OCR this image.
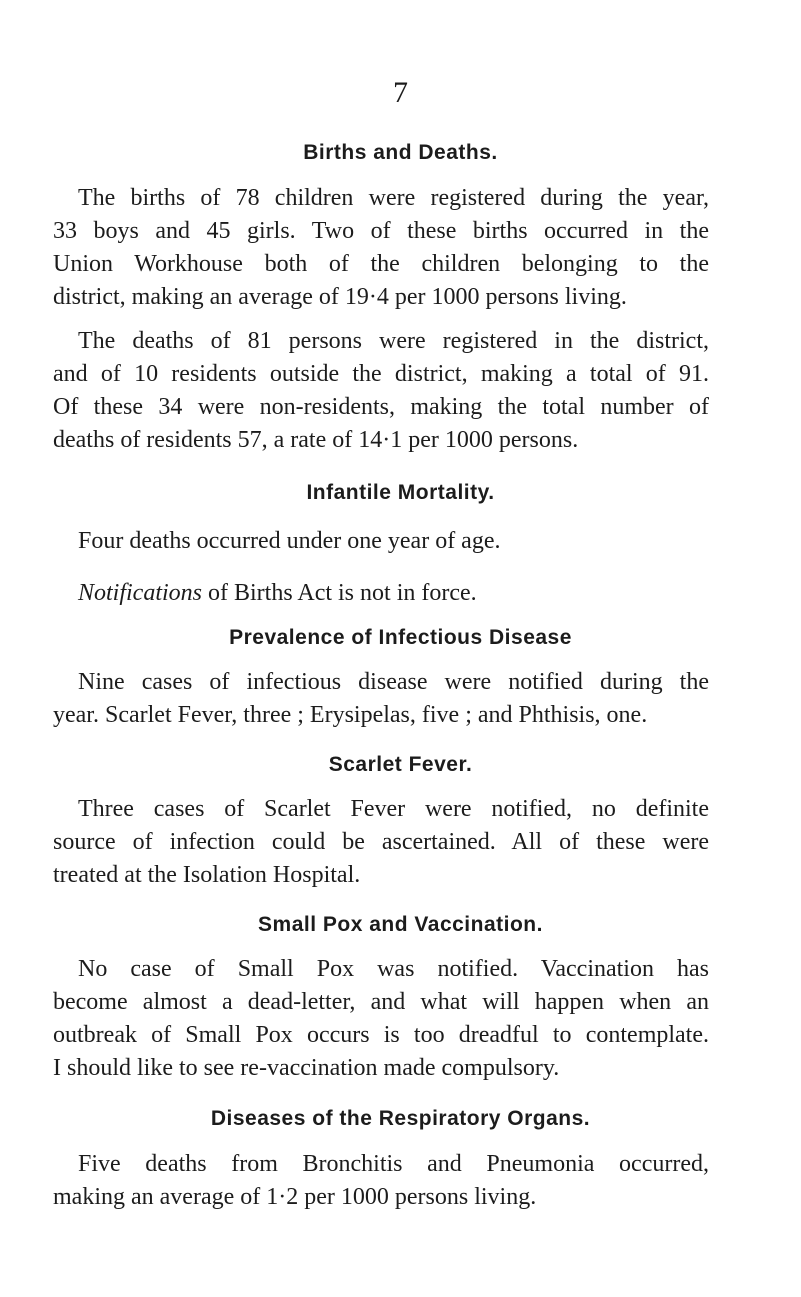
7
Births and Deaths.
The births of 78 children were registered during the year,
33 boys and 45 girls. Two of these births occurred in the
Union Workhouse both of the children belonging to the
district, making an average of 19·4 per 1000 persons living.
The deaths of 81 persons were registered in the district,
and of 10 residents outside the district, making a total of 91.
Of these 34 were non-residents, making the total number of
deaths of residents 57, a rate of 14·1 per 1000 persons.
Infantile Mortality.
Four deaths occurred under one year of age.
Notifications of Births Act is not in force.
Prevalence of Infectious Disease
Nine cases of infectious disease were notified during the
year. Scarlet Fever, three ; Erysipelas, five ; and Phthisis, one.
Scarlet Fever.
Three cases of Scarlet Fever were notified, no definite
source of infection could be ascertained. All of these were
treated at the Isolation Hospital.
Small Pox and Vaccination.
No case of Small Pox was notified. Vaccination has
become almost a dead-letter, and what will happen when an
outbreak of Small Pox occurs is too dreadful to contemplate.
I should like to see re-vaccination made compulsory.
Diseases of the Respiratory Organs.
Five deaths from Bronchitis and Pneumonia occurred,
making an average of 1·2 per 1000 persons living.
